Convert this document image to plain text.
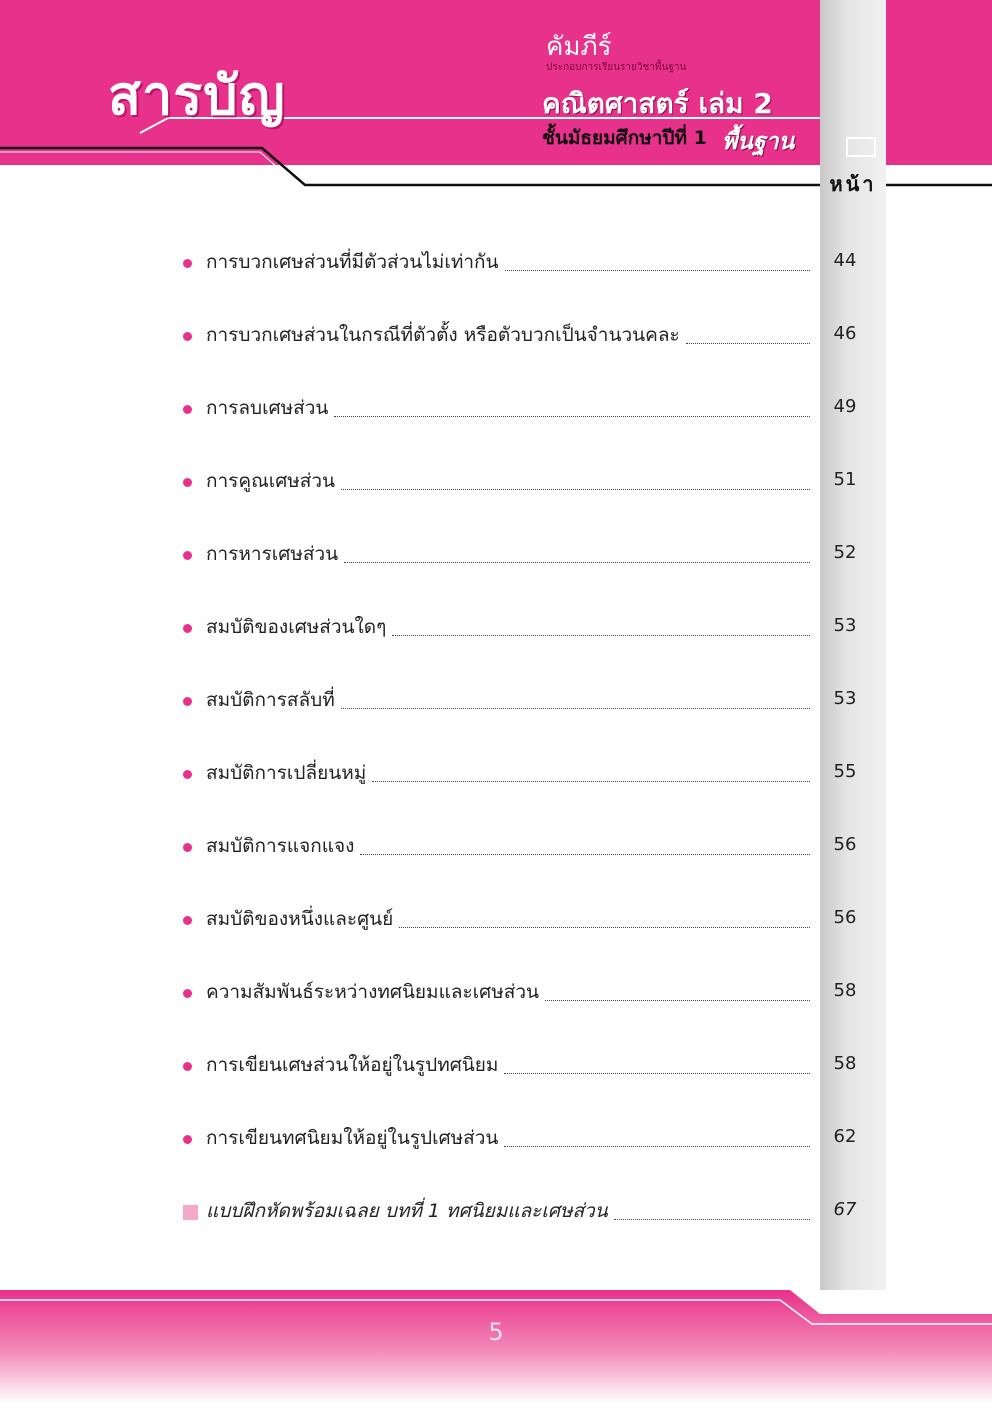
สารบัญ
คัมภีร์
ประกอบการเรียนรายวิชาพื้นฐาน
คณิตศาสตร์ เล่ม 2
ชั้นมัธยมศึกษาปีที่ 1 พื้นฐาน
หน้า
การบวกเศษส่วนที่มีตัวส่วนไม่เท่ากัน	44
การบวกเศษส่วนในกรณีที่ตัวตั้ง หรือตัวบวกเป็นจำนวนคละ	46
การลบเศษส่วน	49
การคูณเศษส่วน	51
การหารเศษส่วน	52
สมบัติของเศษส่วนใดๆ	53
สมบัติการสลับที่	53
สมบัติการเปลี่ยนหมู่	55
สมบัติการแจกแจง	56
สมบัติของหนึ่งและศูนย์	56
ความสัมพันธ์ระหว่างทศนิยมและเศษส่วน	58
การเขียนเศษส่วนให้อยู่ในรูปทศนิยม	58
การเขียนทศนิยมให้อยู่ในรูปเศษส่วน	62
แบบฝึกหัดพร้อมเฉลย บทที่ 1 ทศนิยมและเศษส่วน	67
5
